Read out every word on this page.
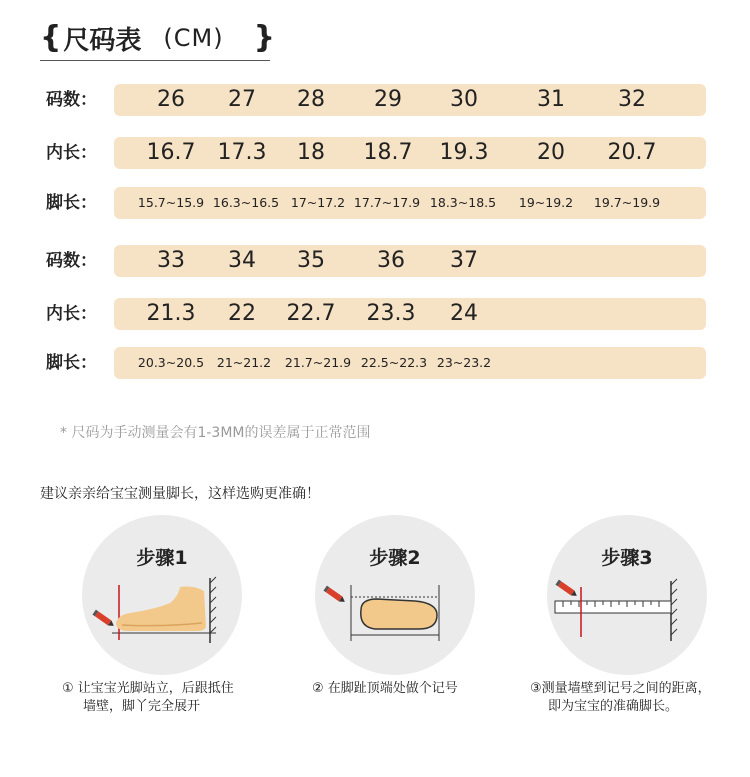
{ 尺码表 (CM) }
码数：	26 27 28 29 30	31 32
内长： 16.7 17.3 18 18.7 19.3 20 20.7
脚长：	15.7~15.9 16.3~16.5 17~17.2 17.7~17.9 18.3~18.5 19~19.2 19.7~19.9
码数：	33 34 35 36 37
内长： 21.3 22 22.7 23.3 24
脚长：	20.3~20.5 21~21.2 21.7~21.9 22.5~22.3 23~23.2
* 尺码为手动测量会有1-3MM的误差属于正常范围
建议亲亲给宝宝测量脚长，这样选购更准确！
步骤1
① 让宝宝光脚站立，后跟抵住
墙壁，脚丫完全展开
步骤2
② 在脚趾顶端处做个记号
步骤3
③测量墙壁到记号之间的距离，
即为宝宝的准确脚长。
